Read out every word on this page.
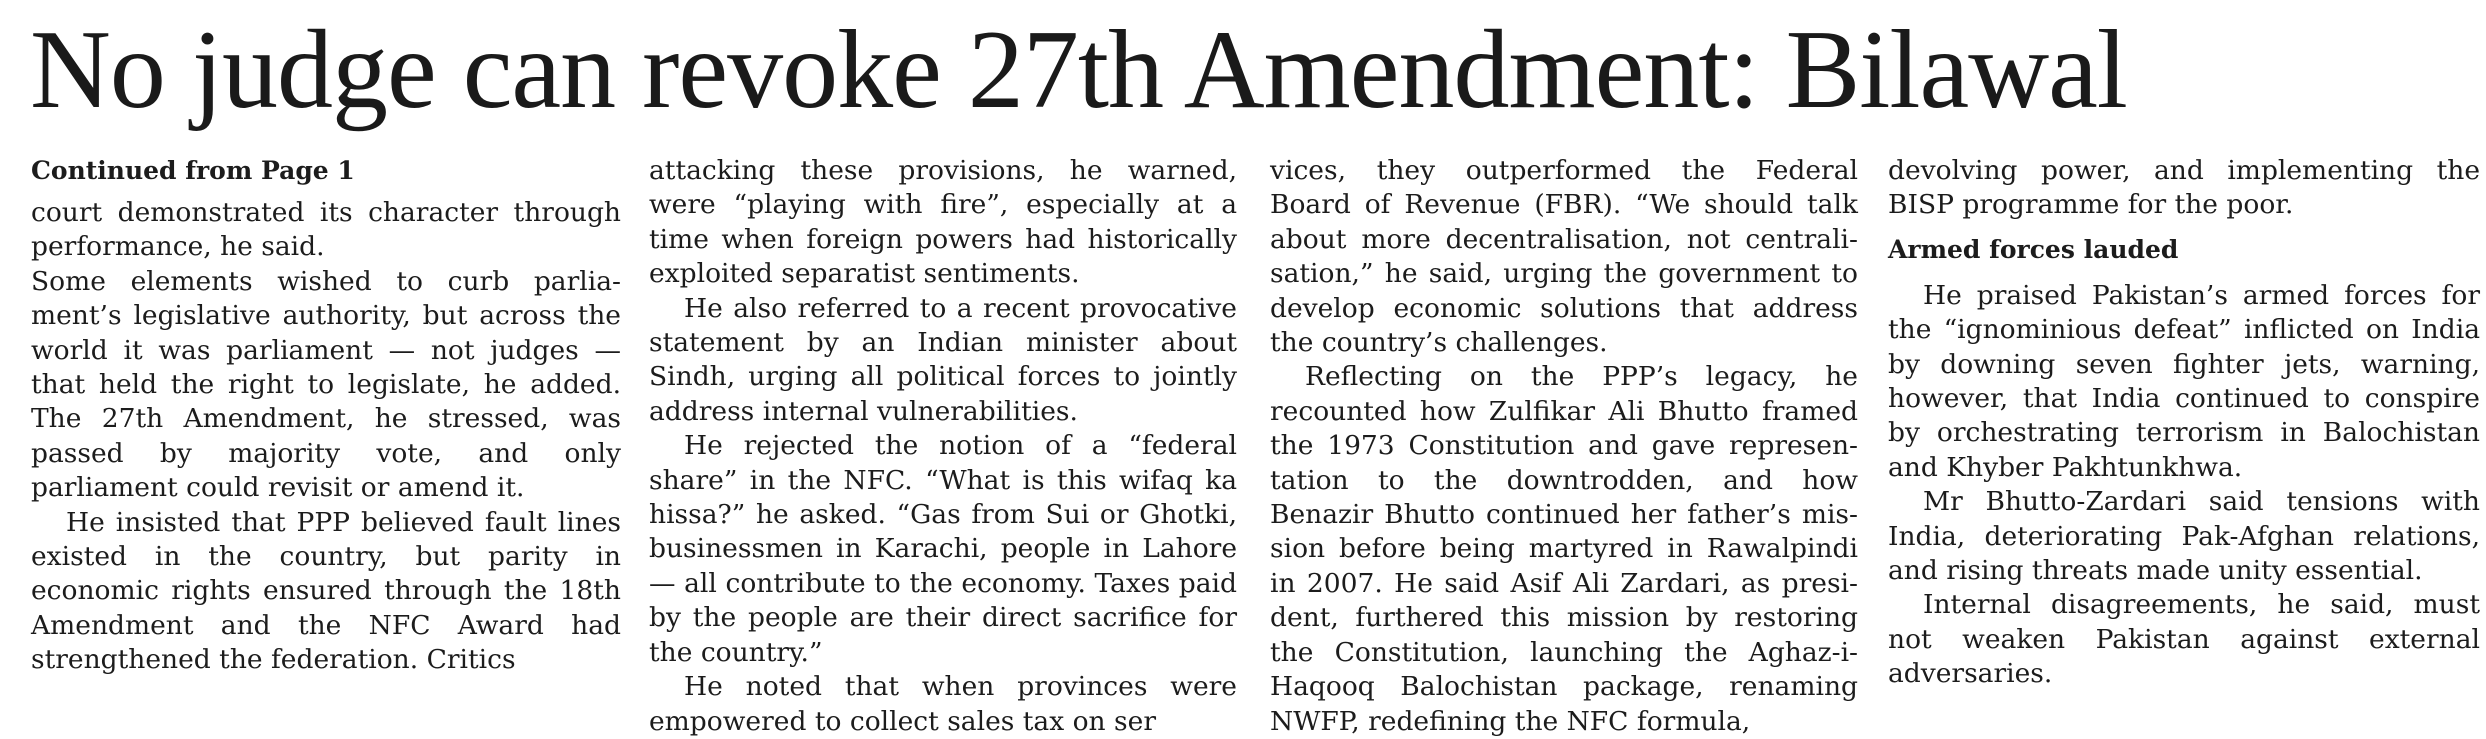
No judge can revoke 27th Amendment: Bilawal
Continued from Page 1

court demonstrated its character through performance, he said.

Some elements wished to curb parliament’s legislative authority, but across the world it was parliament — not judges — that held the right to legislate, he added. The 27th Amendment, he stressed, was passed by majority vote, and only parliament could revisit or amend it.

He insisted that PPP believed fault lines existed in the country, but parity in economic rights ensured through the 18th Amendment and the NFC Award had strengthened the federation. Critics

attacking these provisions, he warned, were “playing with fire”, especially at a time when foreign powers had historically exploited separatist sentiments.

He also referred to a recent provocative statement by an Indian minister about Sindh, urging all political forces to jointly address internal vulnerabilities.

He rejected the notion of a “federal share” in the NFC. “What is this wifaq ka hissa?” he asked. “Gas from Sui or Ghotki, businessmen in Karachi, people in Lahore — all contribute to the economy. Taxes paid by the people are their direct sacrifice for the country.”

He noted that when provinces were empowered to collect sales tax on ser

vices, they outperformed the Federal Board of Revenue (FBR). “We should talk about more decentralisation, not centralisation,” he said, urging the government to develop economic solutions that address the country’s challenges.

Reflecting on the PPP’s legacy, he recounted how Zulfikar Ali Bhutto framed the 1973 Constitution and gave representation to the downtrodden, and how Benazir Bhutto continued her father’s mission before being martyred in Rawalpindi in 2007. He said Asif Ali Zardari, as president, furthered this mission by restoring the Constitution, launching the Aghaz-i-Haqooq Balochistan package, renaming NWFP, redefining the NFC formula,

devolving power, and implementing the BISP programme for the poor.

Armed forces lauded

He praised Pakistan’s armed forces for the “ignominious defeat” inflicted on India by downing seven fighter jets, warning, however, that India continued to conspire by orchestrating terrorism in Balochistan and Khyber Pakhtunkhwa.

Mr Bhutto-Zardari said tensions with India, deteriorating Pak-Afghan relations, and rising threats made unity essential.

Internal disagreements, he said, must not weaken Pakistan against external adversaries.
